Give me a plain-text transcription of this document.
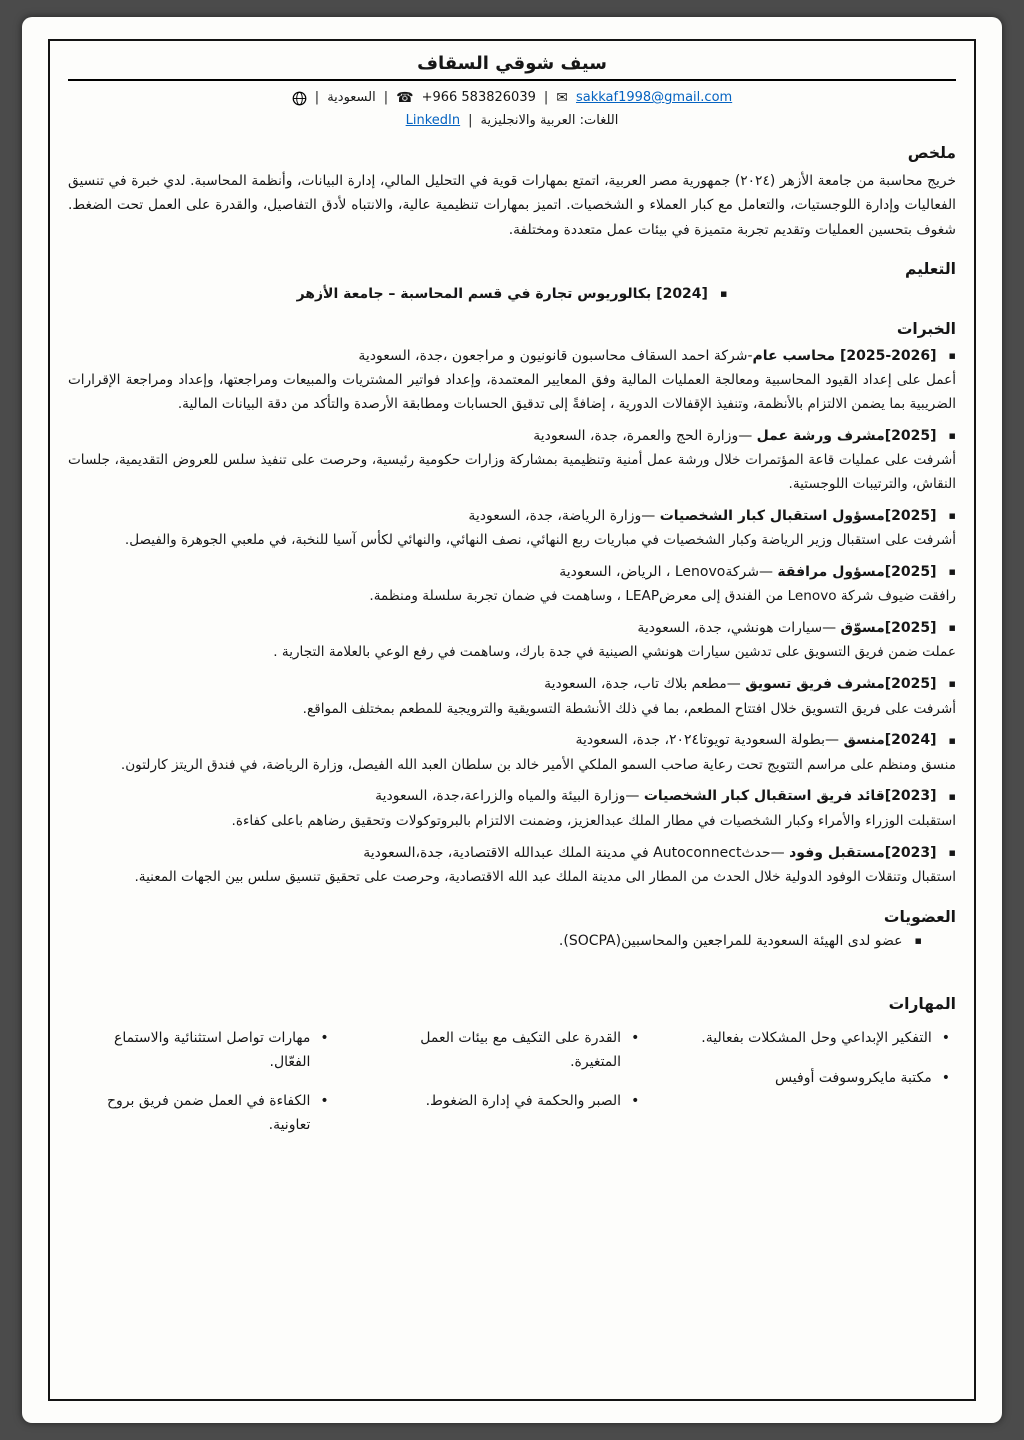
سيف شوقي السقاف
| السعودية | ☎ +966 583826039 | ✉ sakkaf1998@gmail.com
LinkedIn | اللغات: العربية والانجليزية
ملخص

خريج محاسبة من جامعة الأزهر (٢٠٢٤) جمهورية مصر العربية، اتمتع بمهارات قوية في التحليل المالي، إدارة البيانات، وأنظمة المحاسبة. لدي خبرة في تنسيق الفعاليات وإدارة اللوجستيات، والتعامل مع كبار العملاء و الشخصيات. اتميز بمهارات تنظيمية عالية، والانتباه لأدق التفاصيل، والقدرة على العمل تحت الضغط. شغوف بتحسين العمليات وتقديم تجربة متميزة في بيئات عمل متعددة ومختلفة.

التعليم
▪[2024] بكالوريوس تجارة في قسم المحاسبة – جامعة الأزهر
الخبرات
▪[2025-2026] محاسب عام-شركة احمد السقاف محاسبون قانونيون و مراجعون ،جدة، السعودية

أعمل على إعداد القيود المحاسبية ومعالجة العمليات المالية وفق المعايير المعتمدة، وإعداد فواتير المشتريات والمبيعات ومراجعتها، وإعداد ومراجعة الإقرارات الضريبية بما يضمن الالتزام بالأنظمة، وتنفيذ الإقفالات الدورية ، إضافةً إلى تدقيق الحسابات ومطابقة الأرصدة والتأكد من دقة البيانات المالية.

▪[2025]مشرف ورشة عمل —وزارة الحج والعمرة، جدة، السعودية

أشرفت على عمليات قاعة المؤتمرات خلال ورشة عمل أمنية وتنظيمية بمشاركة وزارات حكومية رئيسية، وحرصت على تنفيذ سلس للعروض التقديمية، جلسات النقاش، والترتيبات اللوجستية.

▪[2025]مسؤول استقبال كبار الشخصيات —وزارة الرياضة، جدة، السعودية

أشرفت على استقبال وزير الرياضة وكبار الشخصيات في مباريات ربع النهائي، نصف النهائي، والنهائي لكأس آسيا للنخبة، في ملعبي الجوهرة والفيصل.

▪[2025]مسؤول مرافقة —شركةLenovo ، الرياض، السعودية

رافقت ضيوف شركة Lenovo من الفندق إلى معرضLEAP ، وساهمت في ضمان تجربة سلسلة ومنظمة.

▪[2025]مسوّق —سيارات هونشي، جدة، السعودية

عملت ضمن فريق التسويق على تدشين سيارات هونشي الصينية في جدة بارك، وساهمت في رفع الوعي بالعلامة التجارية .

▪[2025]مشرف فريق تسويق —مطعم بلاك تاب، جدة، السعودية

أشرفت على فريق التسويق خلال افتتاح المطعم، بما في ذلك الأنشطة التسويقية والترويجية للمطعم بمختلف المواقع.

▪[2024]منسق —بطولة السعودية تويوتا٢٠٢٤، جدة، السعودية

منسق ومنظم على مراسم التتويج تحت رعاية صاحب السمو الملكي الأمير خالد بن سلطان العبد الله الفيصل، وزارة الرياضة، في فندق الريتز كارلتون.

▪[2023]قائد فريق استقبال كبار الشخصيات —وزارة البيئة والمياه والزراعة،جدة، السعودية

استقبلت الوزراء والأمراء وكبار الشخصيات في مطار الملك عبدالعزيز، وضمنت الالتزام بالبروتوكولات وتحقيق رضاهم باعلى كفاءة.

▪[2023]مستقبل وفود —حدثAutoconnect في مدينة الملك عبدالله الاقتصادية، جدة،السعودية

استقبال وتنقلات الوفود الدولية خلال الحدث من المطار الى مدينة الملك عبد الله الاقتصادية، وحرصت على تحقيق تنسيق سلس بين الجهات المعنية.

العضويات
▪عضو لدى الهيئة السعودية للمراجعين والمحاسبين(SOCPA).
المهارات
•
التفكير الإبداعي وحل المشكلات بفعالية.
•
مكتبة مايكروسوفت أوفيس
•
القدرة على التكيف مع بيئات العمل المتغيرة.
•
الصبر والحكمة في إدارة الضغوط.
•
مهارات تواصل استثنائية والاستماع الفعّال.
•
الكفاءة في العمل ضمن فريق بروح تعاونية.
